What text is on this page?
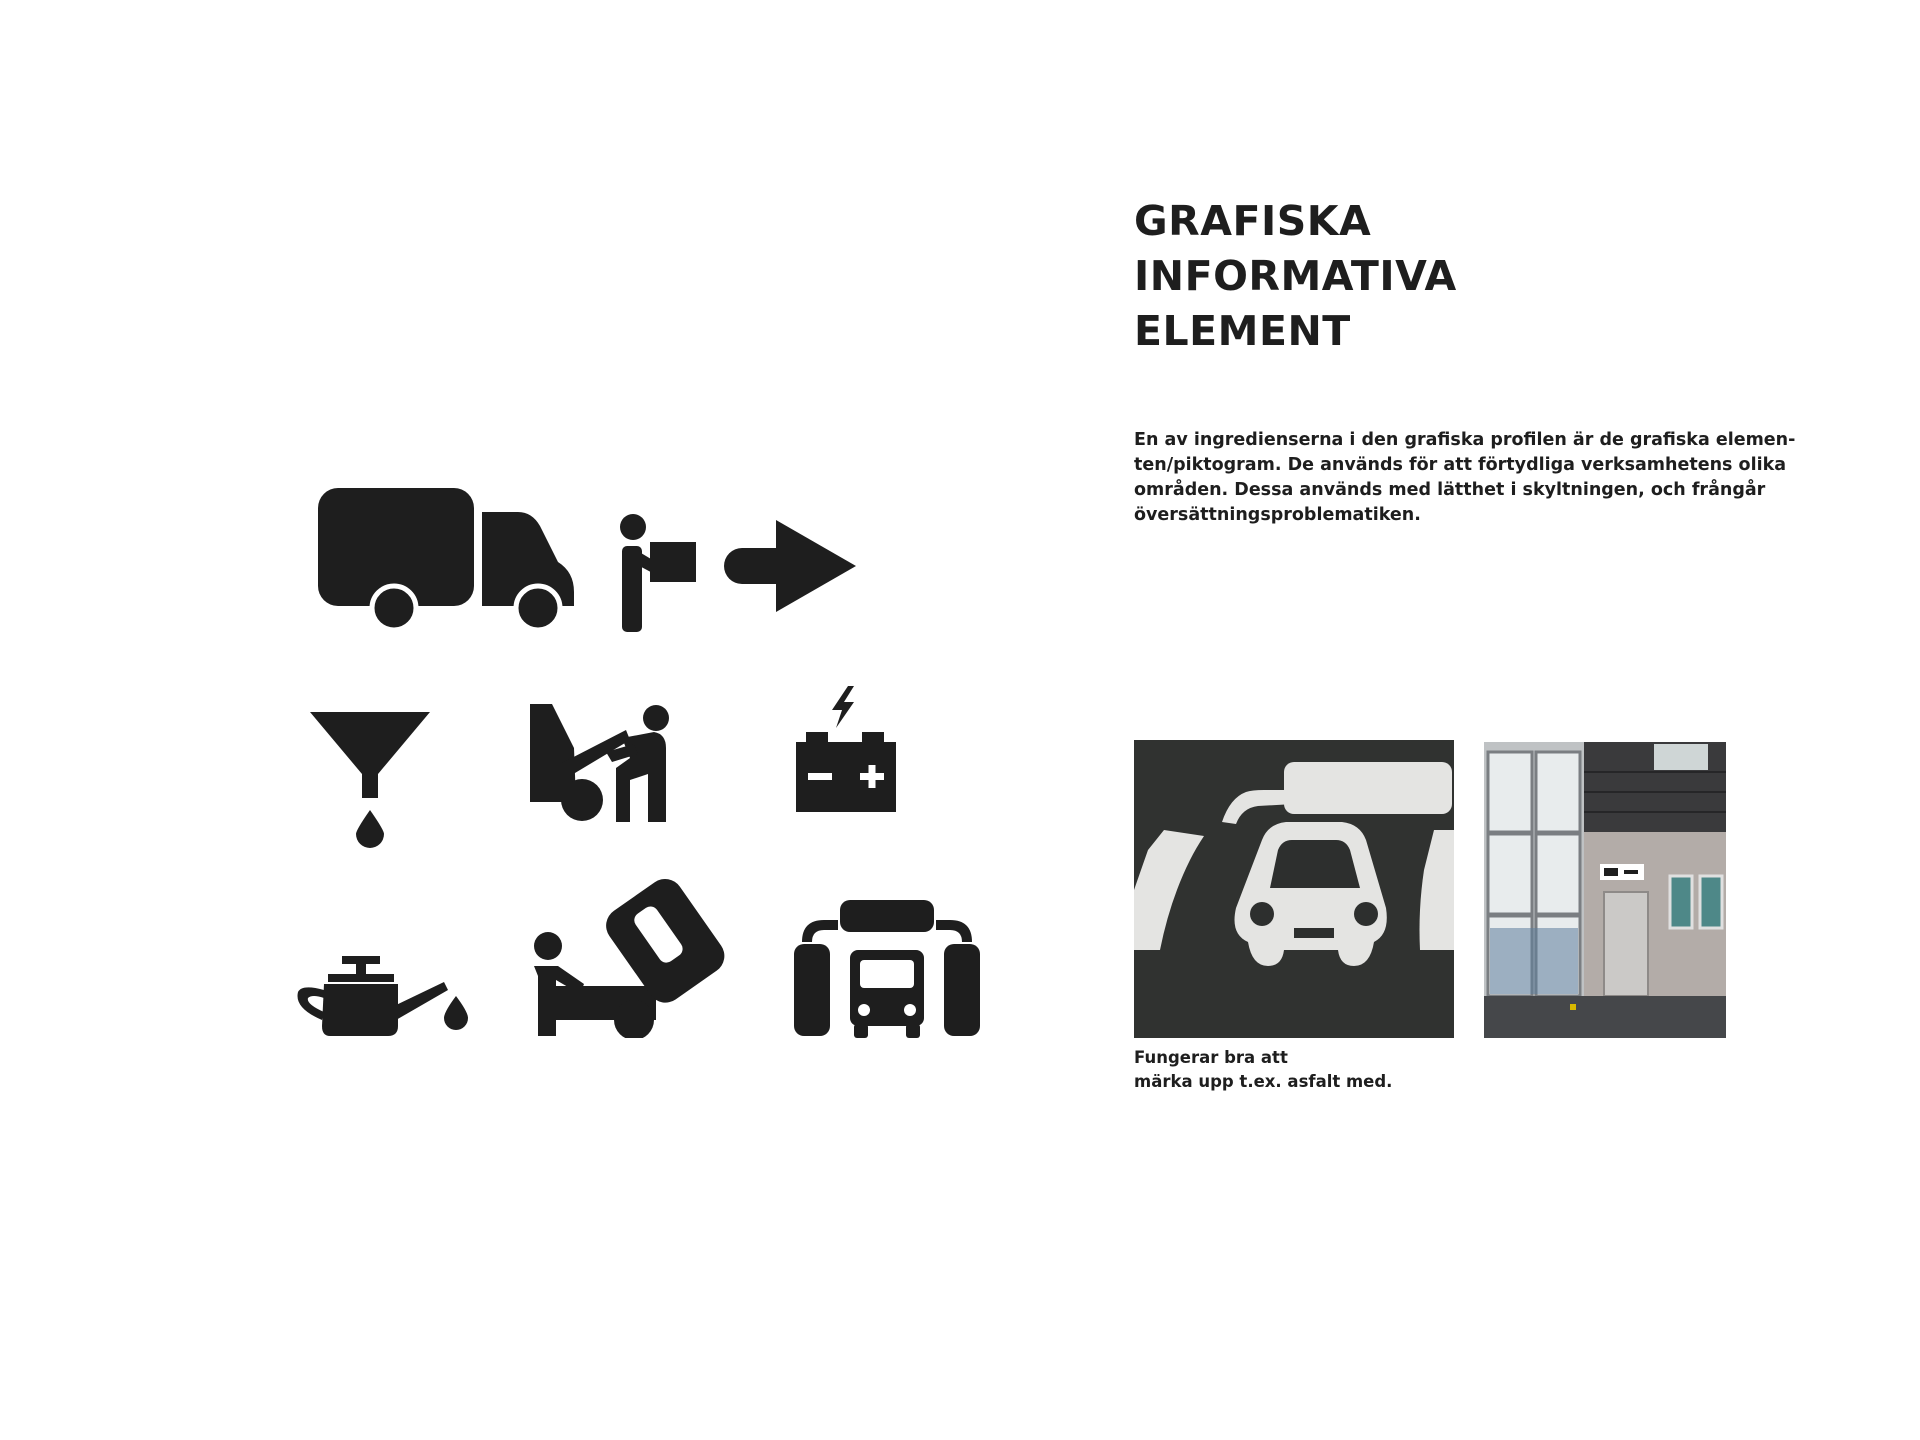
GRAFISKA
INFORMATIVA
ELEMENT

En av ingredienserna i den grafiska profilen är de grafiska elemen-
ten/piktogram. De används för att förtydliga verksamhetens olika
områden. Dessa används med lätthet i skyltningen, och frångår
översättningsproblematiken.

Fungerar bra att
märka upp t.ex. asfalt med.
